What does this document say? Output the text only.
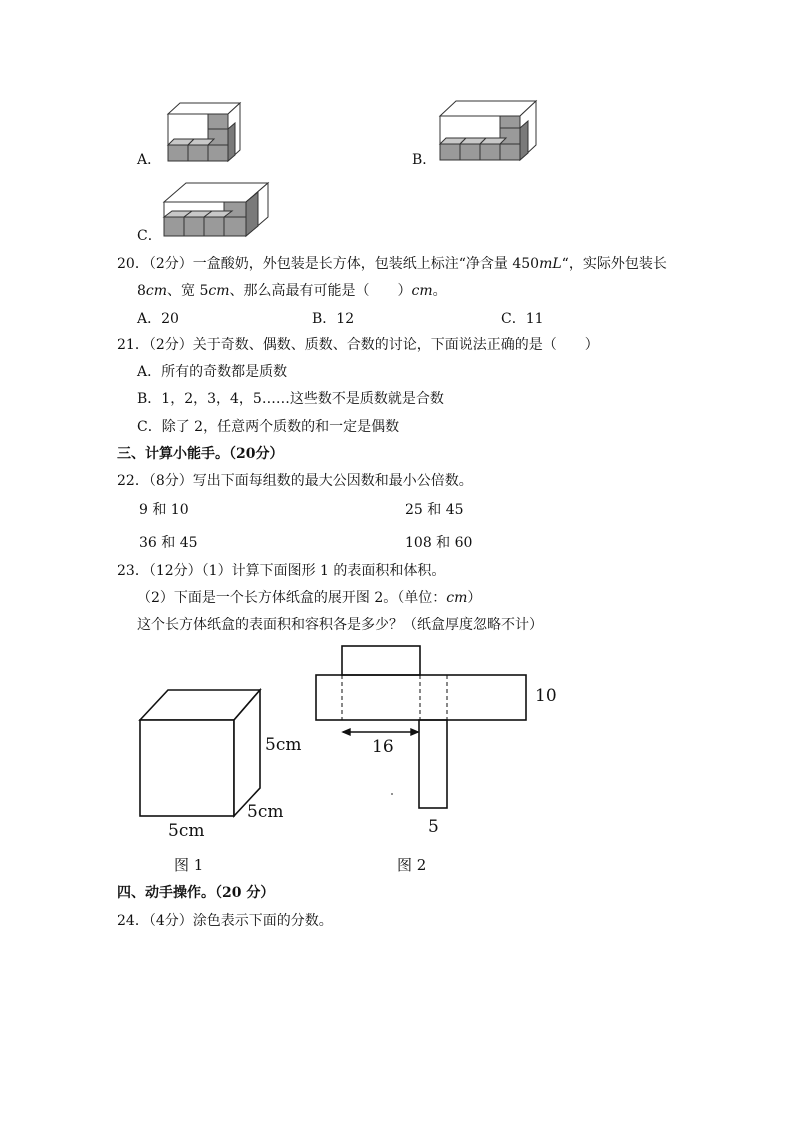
A．	B．
C．
20．（2分）一盒酸奶，外包装是长方体，包装纸上标注“净含量 450mL“，实际外包装长
8cm、宽 5cm、那么高最有可能是（　　）cm。
A．20	B．12	C．11
21．（2分）关于奇数、偶数、质数、合数的讨论，下面说法正确的是（　　）
A．所有的奇数都是质数
B．1，2，3，4，5……这些数不是质数就是合数
C．除了 2，任意两个质数的和一定是偶数
三、计算小能手。（20分）
22．（8分）写出下面每组数的最大公因数和最小公倍数。
9 和 10	25 和 45
36 和 45	108 和 60
23．（12分）（1）计算下面图形 1 的表面积和体积。
（2）下面是一个长方体纸盒的展开图 2。（单位：cm）
这个长方体纸盒的表面积和容积各是多少？（纸盒厚度忽略不计）
5cm
5cm
5cm
图 1
10
16
5
图 2
四、动手操作。（20 分）
24．（4分）涂色表示下面的分数。
